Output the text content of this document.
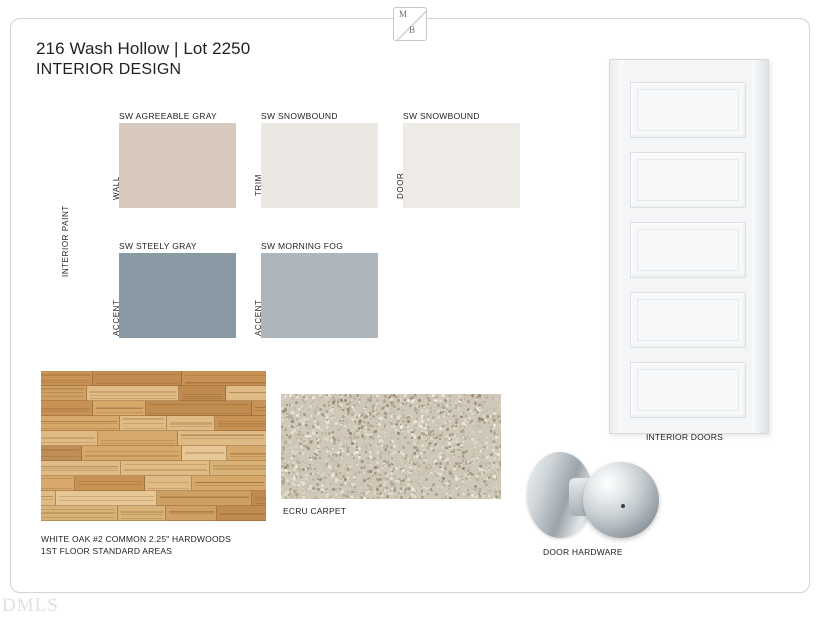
216 Wash Hollow | Lot 2250
INTERIOR DESIGN
INTERIOR PAINT
SW AGREEABLE GRAY
WALL
SW SNOWBOUND
TRIM
SW SNOWBOUND
DOOR
SW STEELY GRAY
ACCENT
SW MORNING FOG
ACCENT
WHITE OAK #2 COMMON 2.25" HARDWOODS
1ST FLOOR STANDARD AREAS
ECRU CARPET
INTERIOR DOORS
DOOR HARDWARE
M
B
DMLS
